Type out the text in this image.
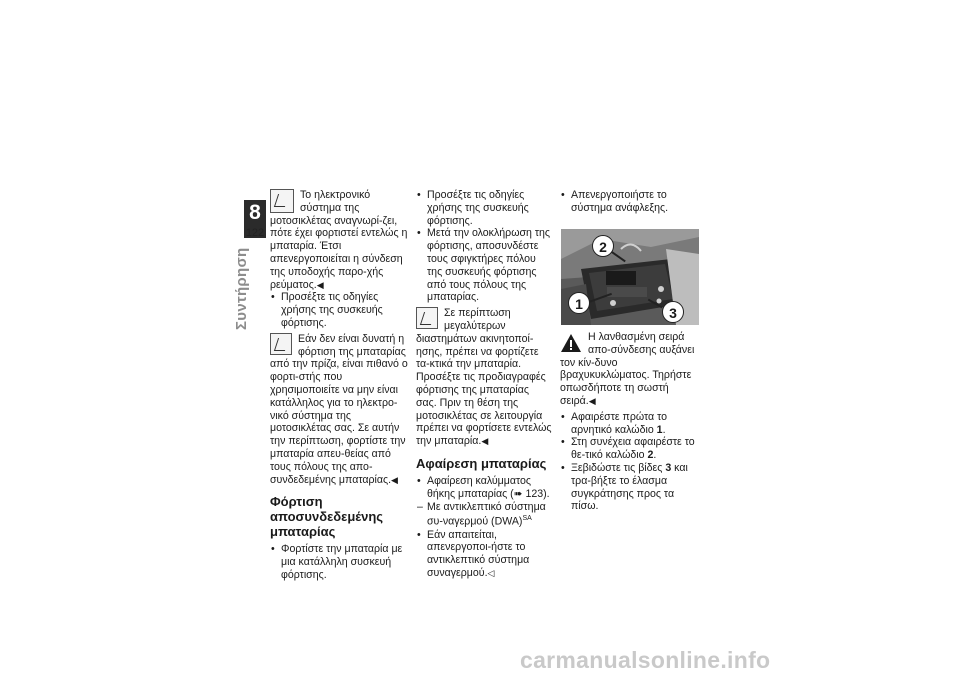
8
122
Συντήρηση

Το ηλεκτρονικό σύστημα της μοτοσικλέτας αναγνωρί-ζει, πότε έχει φορτιστεί εντελώς η μπαταρία. Έτσι απενεργοποιείται η σύνδεση της υποδοχής παρο-χής ρεύματος.◀

• Προσέξτε τις οδηγίες χρήσης της συσκευής φόρτισης.

Εάν δεν είναι δυνατή η φόρτιση της μπαταρίας από την πρίζα, είναι πιθανό ο φορτι-στής που χρησιμοποιείτε να μην είναι κατάλληλος για το ηλεκτρο-νικό σύστημα της μοτοσικλέτας σας. Σε αυτήν την περίπτωση, φορτίστε την μπαταρία απευ-θείας από τους πόλους της απο-συνδεδεμένης μπαταρίας.◀

Φόρτιση αποσυνδεδεμένης μπαταρίας

• Φορτίστε την μπαταρία με μια κατάλληλη συσκευή φόρτισης.

• Προσέξτε τις οδηγίες χρήσης της συσκευής φόρτισης.

• Μετά την ολοκλήρωση της φόρτισης, αποσυνδέστε τους σφιγκτήρες πόλου της συσκευής φόρτισης από τους πόλους της μπαταρίας.

Σε περίπτωση μεγαλύτερων διαστημάτων ακινητοποί-ησης, πρέπει να φορτίζετε τα-κτικά την μπαταρία. Προσέξτε τις προδιαγραφές φόρτισης της μπαταρίας σας. Πριν τη θέση της μοτοσικλέτας σε λειτουργία πρέπει να φορτίσετε εντελώς την μπαταρία.◀

Αφαίρεση μπαταρίας

• Αφαίρεση καλύμματος θήκης μπαταρίας (➠ 123).

– Με αντικλεπτικό σύστημα συ-ναγερμού (DWA)$^{SA}$

• Εάν απαιτείται, απενεργοποι-ήστε το αντικλεπτικό σύστημα συναγερμού.◁

• Απενεργοποιήστε το σύστημα ανάφλεξης.

2
1
3

Η λανθασμένη σειρά απο-σύνδεσης αυξάνει τον κίν-δυνο βραχυκυκλώματος. Τηρήστε οπωσδήποτε τη σωστή σειρά.◀

• Αφαιρέστε πρώτα το αρνητικό καλώδιο 1.

• Στη συνέχεια αφαιρέστε το θε-τικό καλώδιο 2.

• Ξεβιδώστε τις βίδες 3 και τρα-βήξτε το έλασμα συγκράτησης προς τα πίσω.

carmanualsonline.info
